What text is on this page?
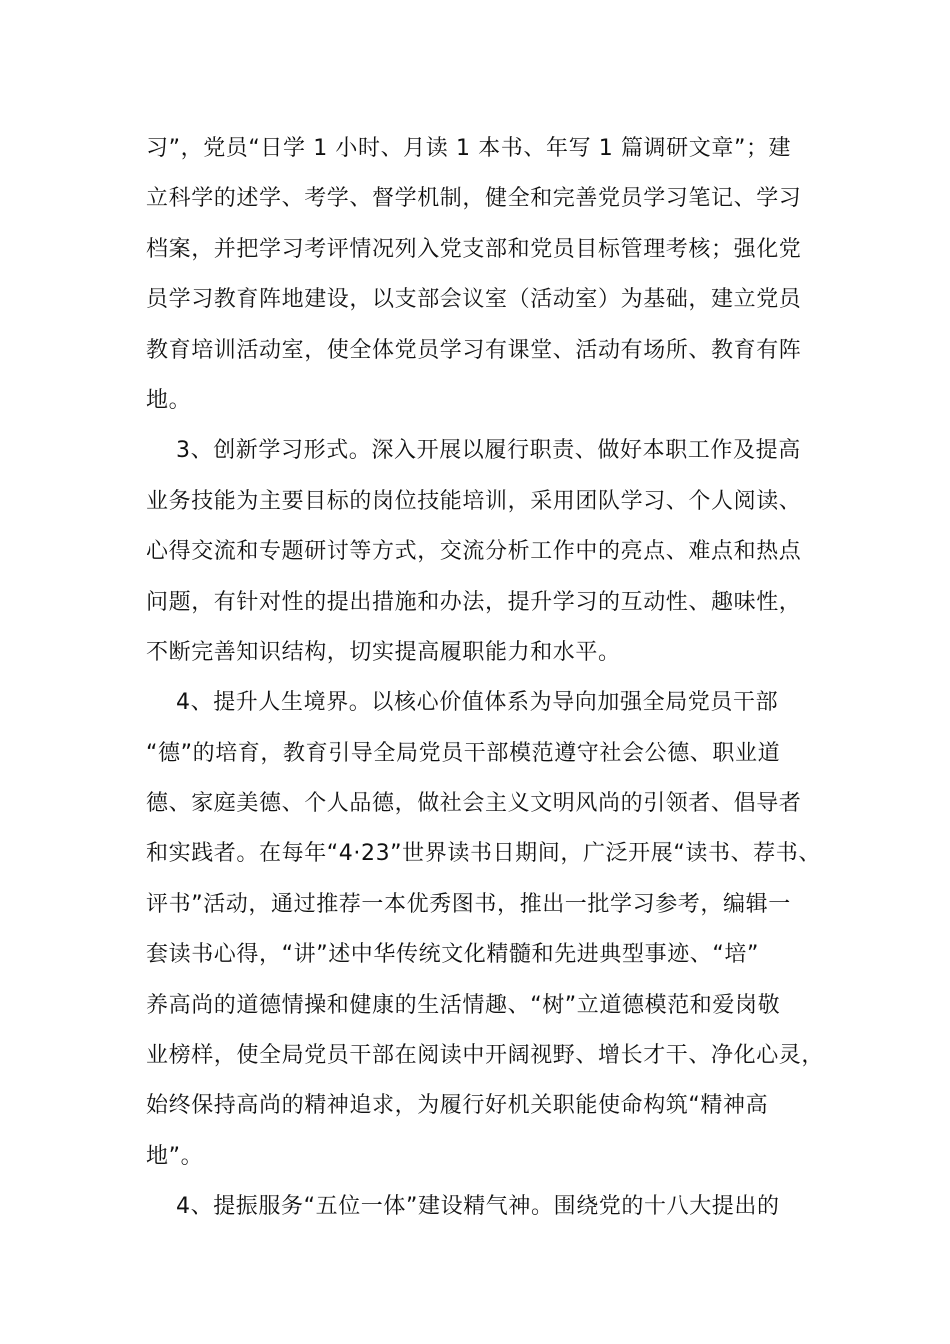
习”，党员“日学 1 小时、月读 1 本书、年写 1 篇调研文章”；建
立科学的述学、考学、督学机制，健全和完善党员学习笔记、学习
档案，并把学习考评情况列入党支部和党员目标管理考核；强化党
员学习教育阵地建设，以支部会议室（活动室）为基础，建立党员
教育培训活动室，使全体党员学习有课堂、活动有场所、教育有阵
地。
3、创新学习形式。深入开展以履行职责、做好本职工作及提高
业务技能为主要目标的岗位技能培训，采用团队学习、个人阅读、
心得交流和专题研讨等方式，交流分析工作中的亮点、难点和热点
问题，有针对性的提出措施和办法，提升学习的互动性、趣味性，
不断完善知识结构，切实提高履职能力和水平。
4、提升人生境界。以核心价值体系为导向加强全局党员干部
“德”的培育，教育引导全局党员干部模范遵守社会公德、职业道
德、家庭美德、个人品德，做社会主义文明风尚的引领者、倡导者
和实践者。在每年“4·23”世界读书日期间，广泛开展“读书、荐书、
评书”活动，通过推荐一本优秀图书，推出一批学习参考，编辑一
套读书心得，“讲”述中华传统文化精髓和先进典型事迹、“培”
养高尚的道德情操和健康的生活情趣、“树”立道德模范和爱岗敬
业榜样，使全局党员干部在阅读中开阔视野、增长才干、净化心灵，
始终保持高尚的精神追求，为履行好机关职能使命构筑“精神高
地”。
4、提振服务“五位一体”建设精气神。围绕党的十八大提出的
